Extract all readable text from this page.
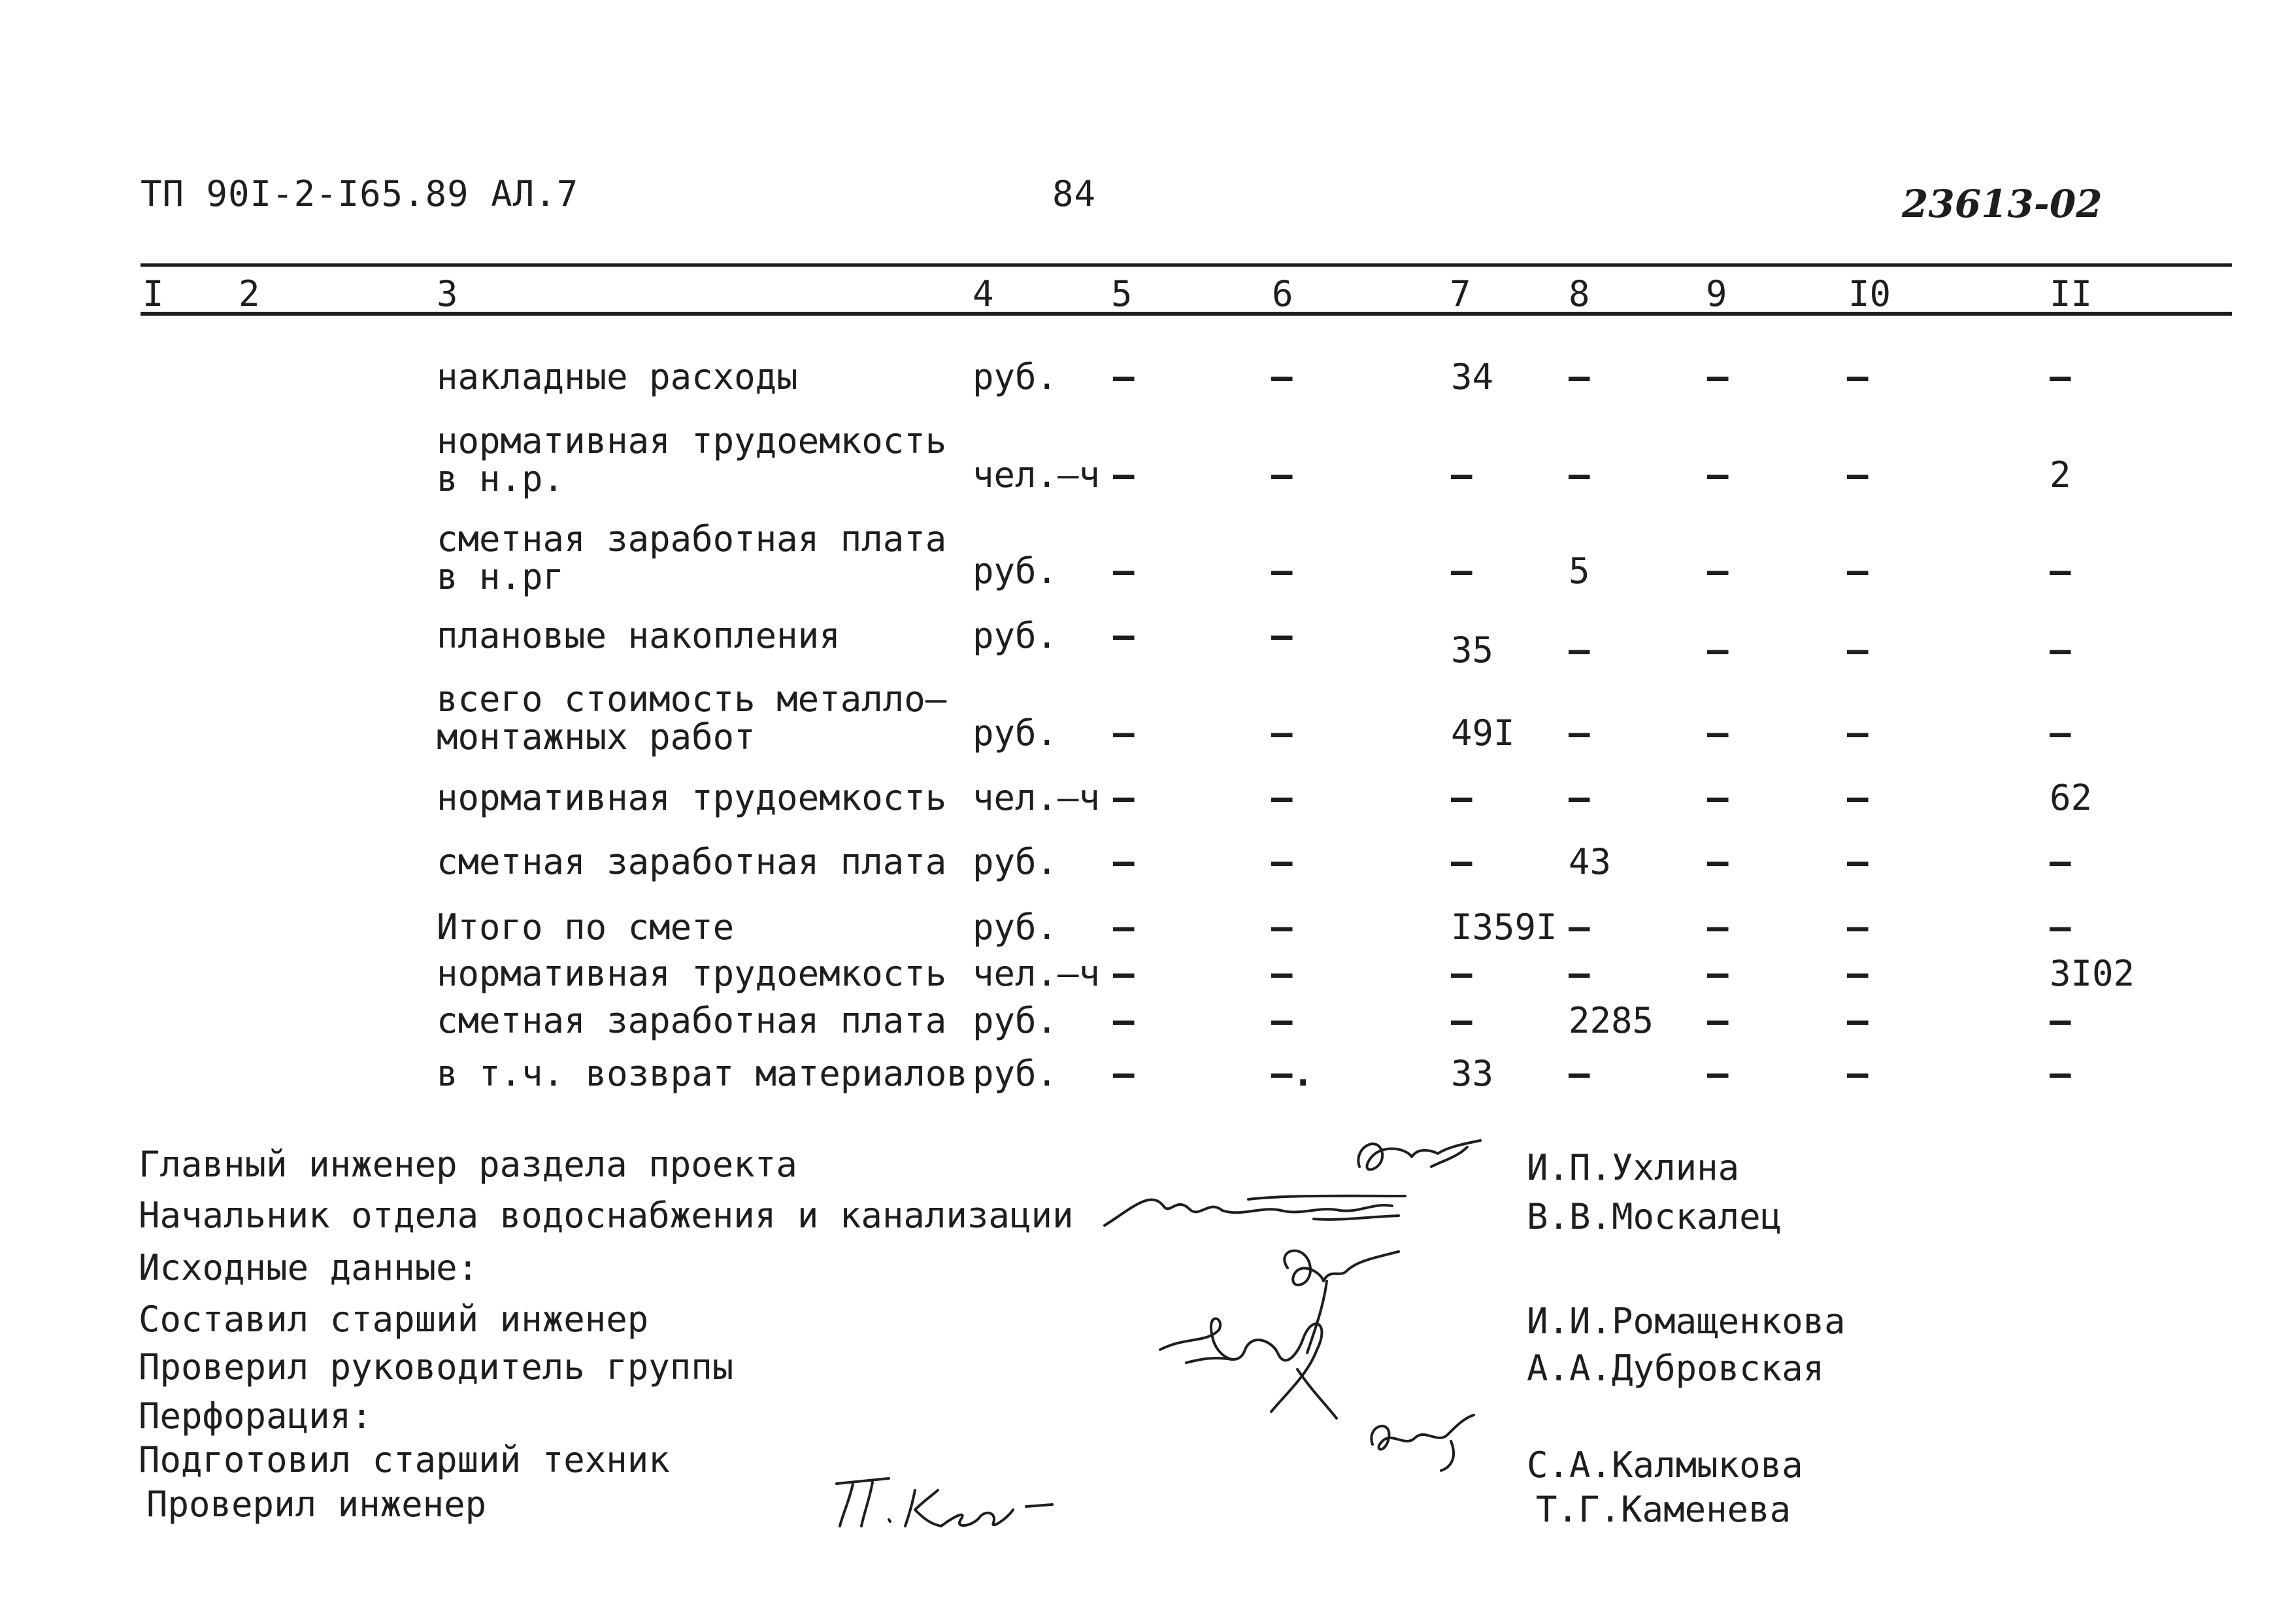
ТП 90I-2-I65.89 АЛ.7	84	23613-02
I 2	3	4	5	6	7	8	9	I0	II
накладные расходы	руб. –	–	34 –	–	–	–
нормативная трудоемкость
в н.р.	чел.–ч –	–	–	–	–	–	2
сметная заработная плата
в н.рг	руб. –	–	–	5	–	–	–
плановые накопления	руб. –	–	35 –	–	–	–
всего стоимость металло–
монтажных работ	руб. –	–	49I –	–	–	–
нормативная трудоемкость чел.–ч –	–	–	–	–	–	62
сметная заработная плата руб. –	–	–	43	–	–	–
Итого по смете	руб. –	–	I359I –	–	–	–
нормативная трудоемкость чел.–ч –	–	–	–	–	–	3I02
сметная заработная плата руб. –	–	–	2285 –	–	–
в т.ч. возврат материалов руб. –	–.	33 –	–	–	–
Главный инженер раздела проекта	И.П.Ухлина
Начальник отдела водоснабжения и канализации	В.В.Москалец
Исходные данные:
Составил старший инженер	И.И.Ромащенкова
Проверил руководитель группы	А.А.Дубровская
Перфорация:
Подготовил старший техник	С.А.Калмыкова
Проверил инженер	Т.Г.Каменева
